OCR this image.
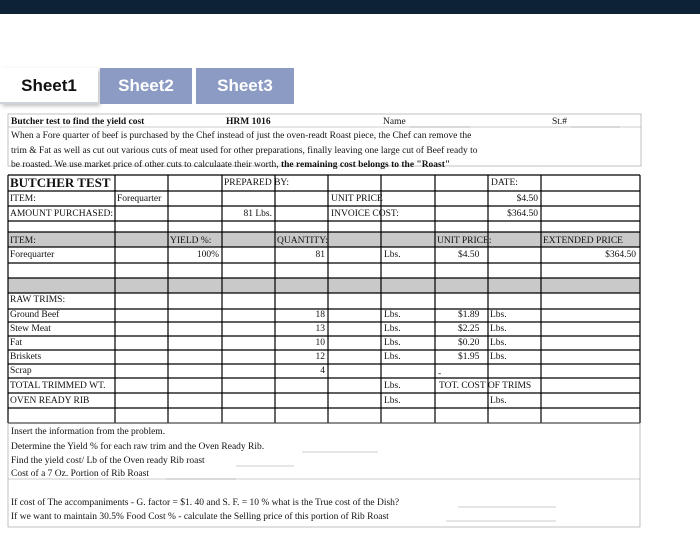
Sheet1	Sheet2	Sheet3
Butcher test to find the yield cost	HRM 1016	Name	St.#
When a Fore quarter of beef is purchased by the Chef instead of just the oven-readt Roast piece, the Chef can remove the
trim & Fat as well as cut out various cuts of meat used for other preparations, finally leaving one large cut of Beef ready to
be roasted. We use market price of other cuts to calculaate their worth, the remaining cost belongs to the "Roast"
BUTCHER TEST	PREPARED BY:	DATE:
ITEM:	Forequarter	UNIT PRICE	$4.50
AMOUNT PURCHASED:	81 Lbs.	INVOICE COST:	$364.50
ITEM:	YIELD %:	QUANTITY:	UNIT PRICE:	EXTENDED PRICE
Forequarter	100%	81	Lbs.	$4.50	$364.50
RAW TRIMS:
Ground Beef	18	Lbs.	$1.89 Lbs.
Stew Meat	13	Lbs.	$2.25 Lbs.
Fat	10	Lbs.	$0.20 Lbs.
Briskets	12	Lbs.	$1.95 Lbs.
Scrap	4	-
TOTAL TRIMMED WT.	Lbs.	TOT. COST OF TRIMS
OVEN READY RIB	Lbs.	Lbs.
Insert the information from the problem.
Determine the Yield % for each raw trim and the Oven Ready Rib.
Find the yield cost/ Lb of the Oven ready Rib roast
Cost of a 7 Oz. Portion of Rib Roast
If cost of The accompaniments - G. factor = $1. 40 and S. F. = 10 % what is the True cost of the Dish?
If we want to maintain 30.5% Food Cost % - calculate the Selling price of this portion of Rib Roast
